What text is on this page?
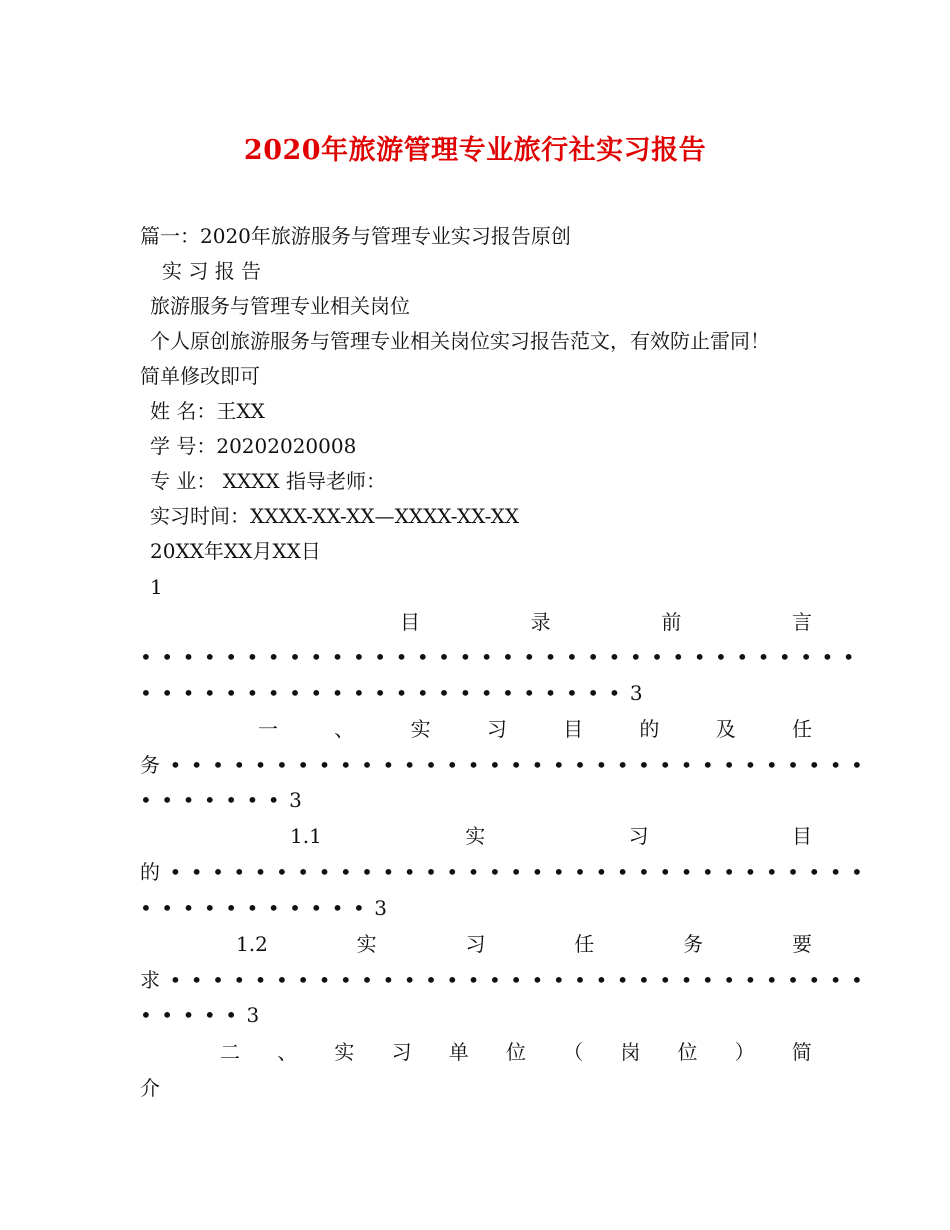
2020年旅游管理专业旅行社实习报告
篇一：2020年旅游服务与管理专业实习报告原创
实 习 报 告
旅游服务与管理专业相关岗位
个人原创旅游服务与管理专业相关岗位实习报告范文，有效防止雷同！
简单修改即可
姓 名：王XX
学 号：20202020008
专 业： XXXX 指导老师：
实习时间：XXXX-XX-XX—XXXX-XX-XX
20XX年XX月XX日
1
目	录	前	言
••••••••••••••••••••••••••••••••••
•••••••••••••••••••••••3
一	、	实	习	目	的	及	任
务•••••••••••••••••••••••••••••••••
•••••••3
1.1	实	习	目
的•••••••••••••••••••••••••••••••••
•••••••••••3
1.2	实	习	任	务	要
求•••••••••••••••••••••••••••••••••
•••••3
二 、 实 习 单 位 （ 岗 位 ） 简
介
